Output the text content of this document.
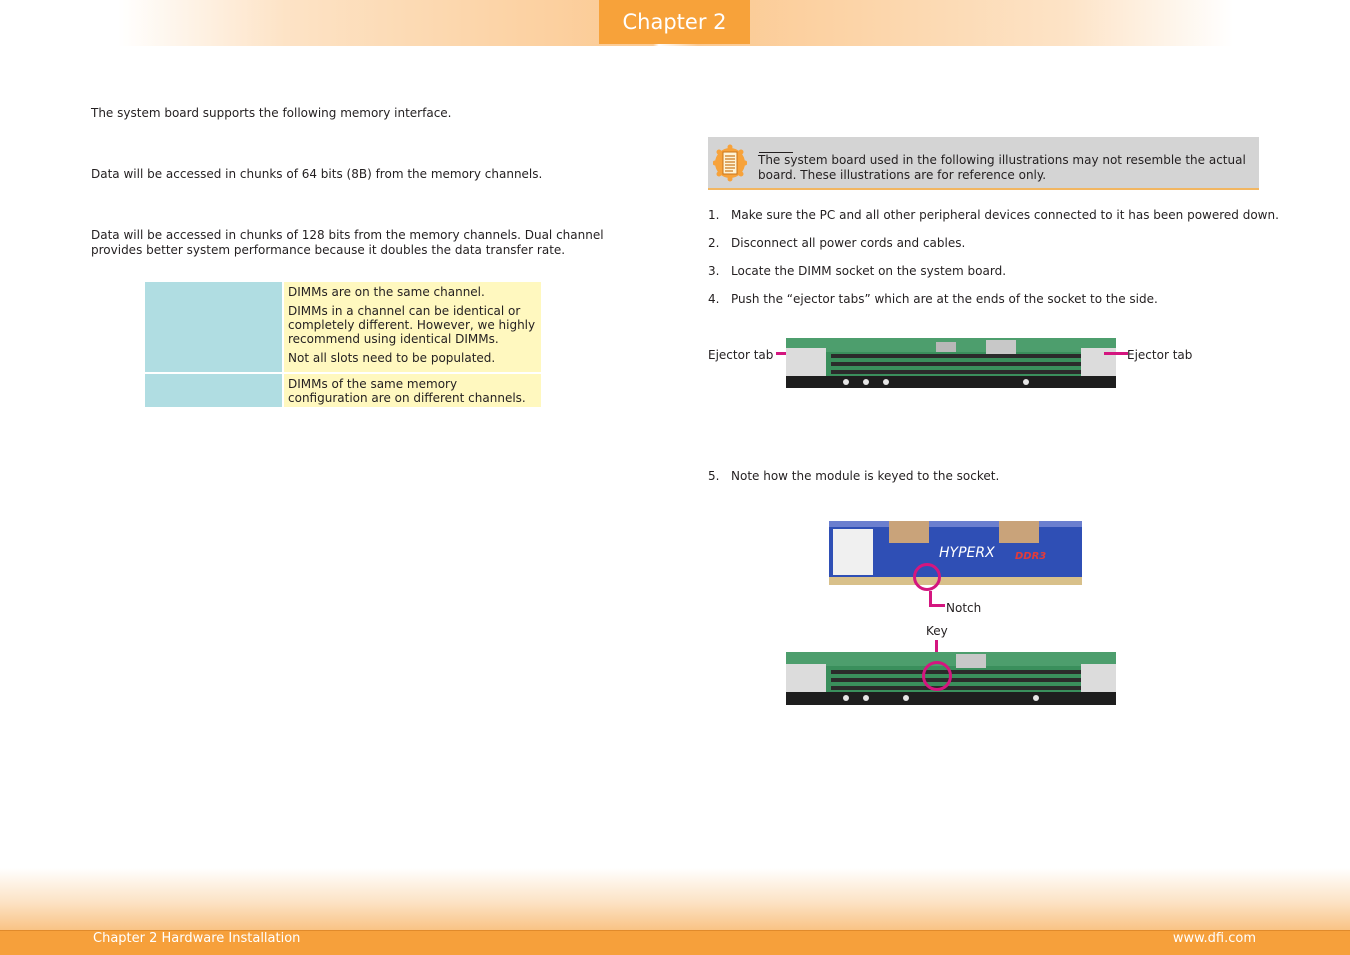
Chapter 2
The system board supports the following memory interface.
Data will be accessed in chunks of 64 bits (8B) from the memory channels.
Data will be accessed in chunks of 128 bits from the memory channels. Dual channel provides better system performance because it doubles the data transfer rate.

DIMMs are on the same channel.

DIMMs in a channel can be identical or completely different. However, we highly recommend using identical DIMMs.

Not all slots need to be populated.

DIMMs of the same memory configuration are on different channels.

The system board used in the following illustrations may not resemble the actual board. These illustrations are for reference only.
1. Make sure the PC and all other peripheral devices connected to it has been powered down.
2. Disconnect all power cords and cables.
3. Locate the DIMM socket on the system board.
4. Push the “ejector tabs” which are at the ends of the socket to the side.
Ejector tab	Ejector tab
5. Note how the module is keyed to the socket.
HYPERX DDR3
Notch
Key
Chapter 2 Hardware Installation	www.dfi.com
